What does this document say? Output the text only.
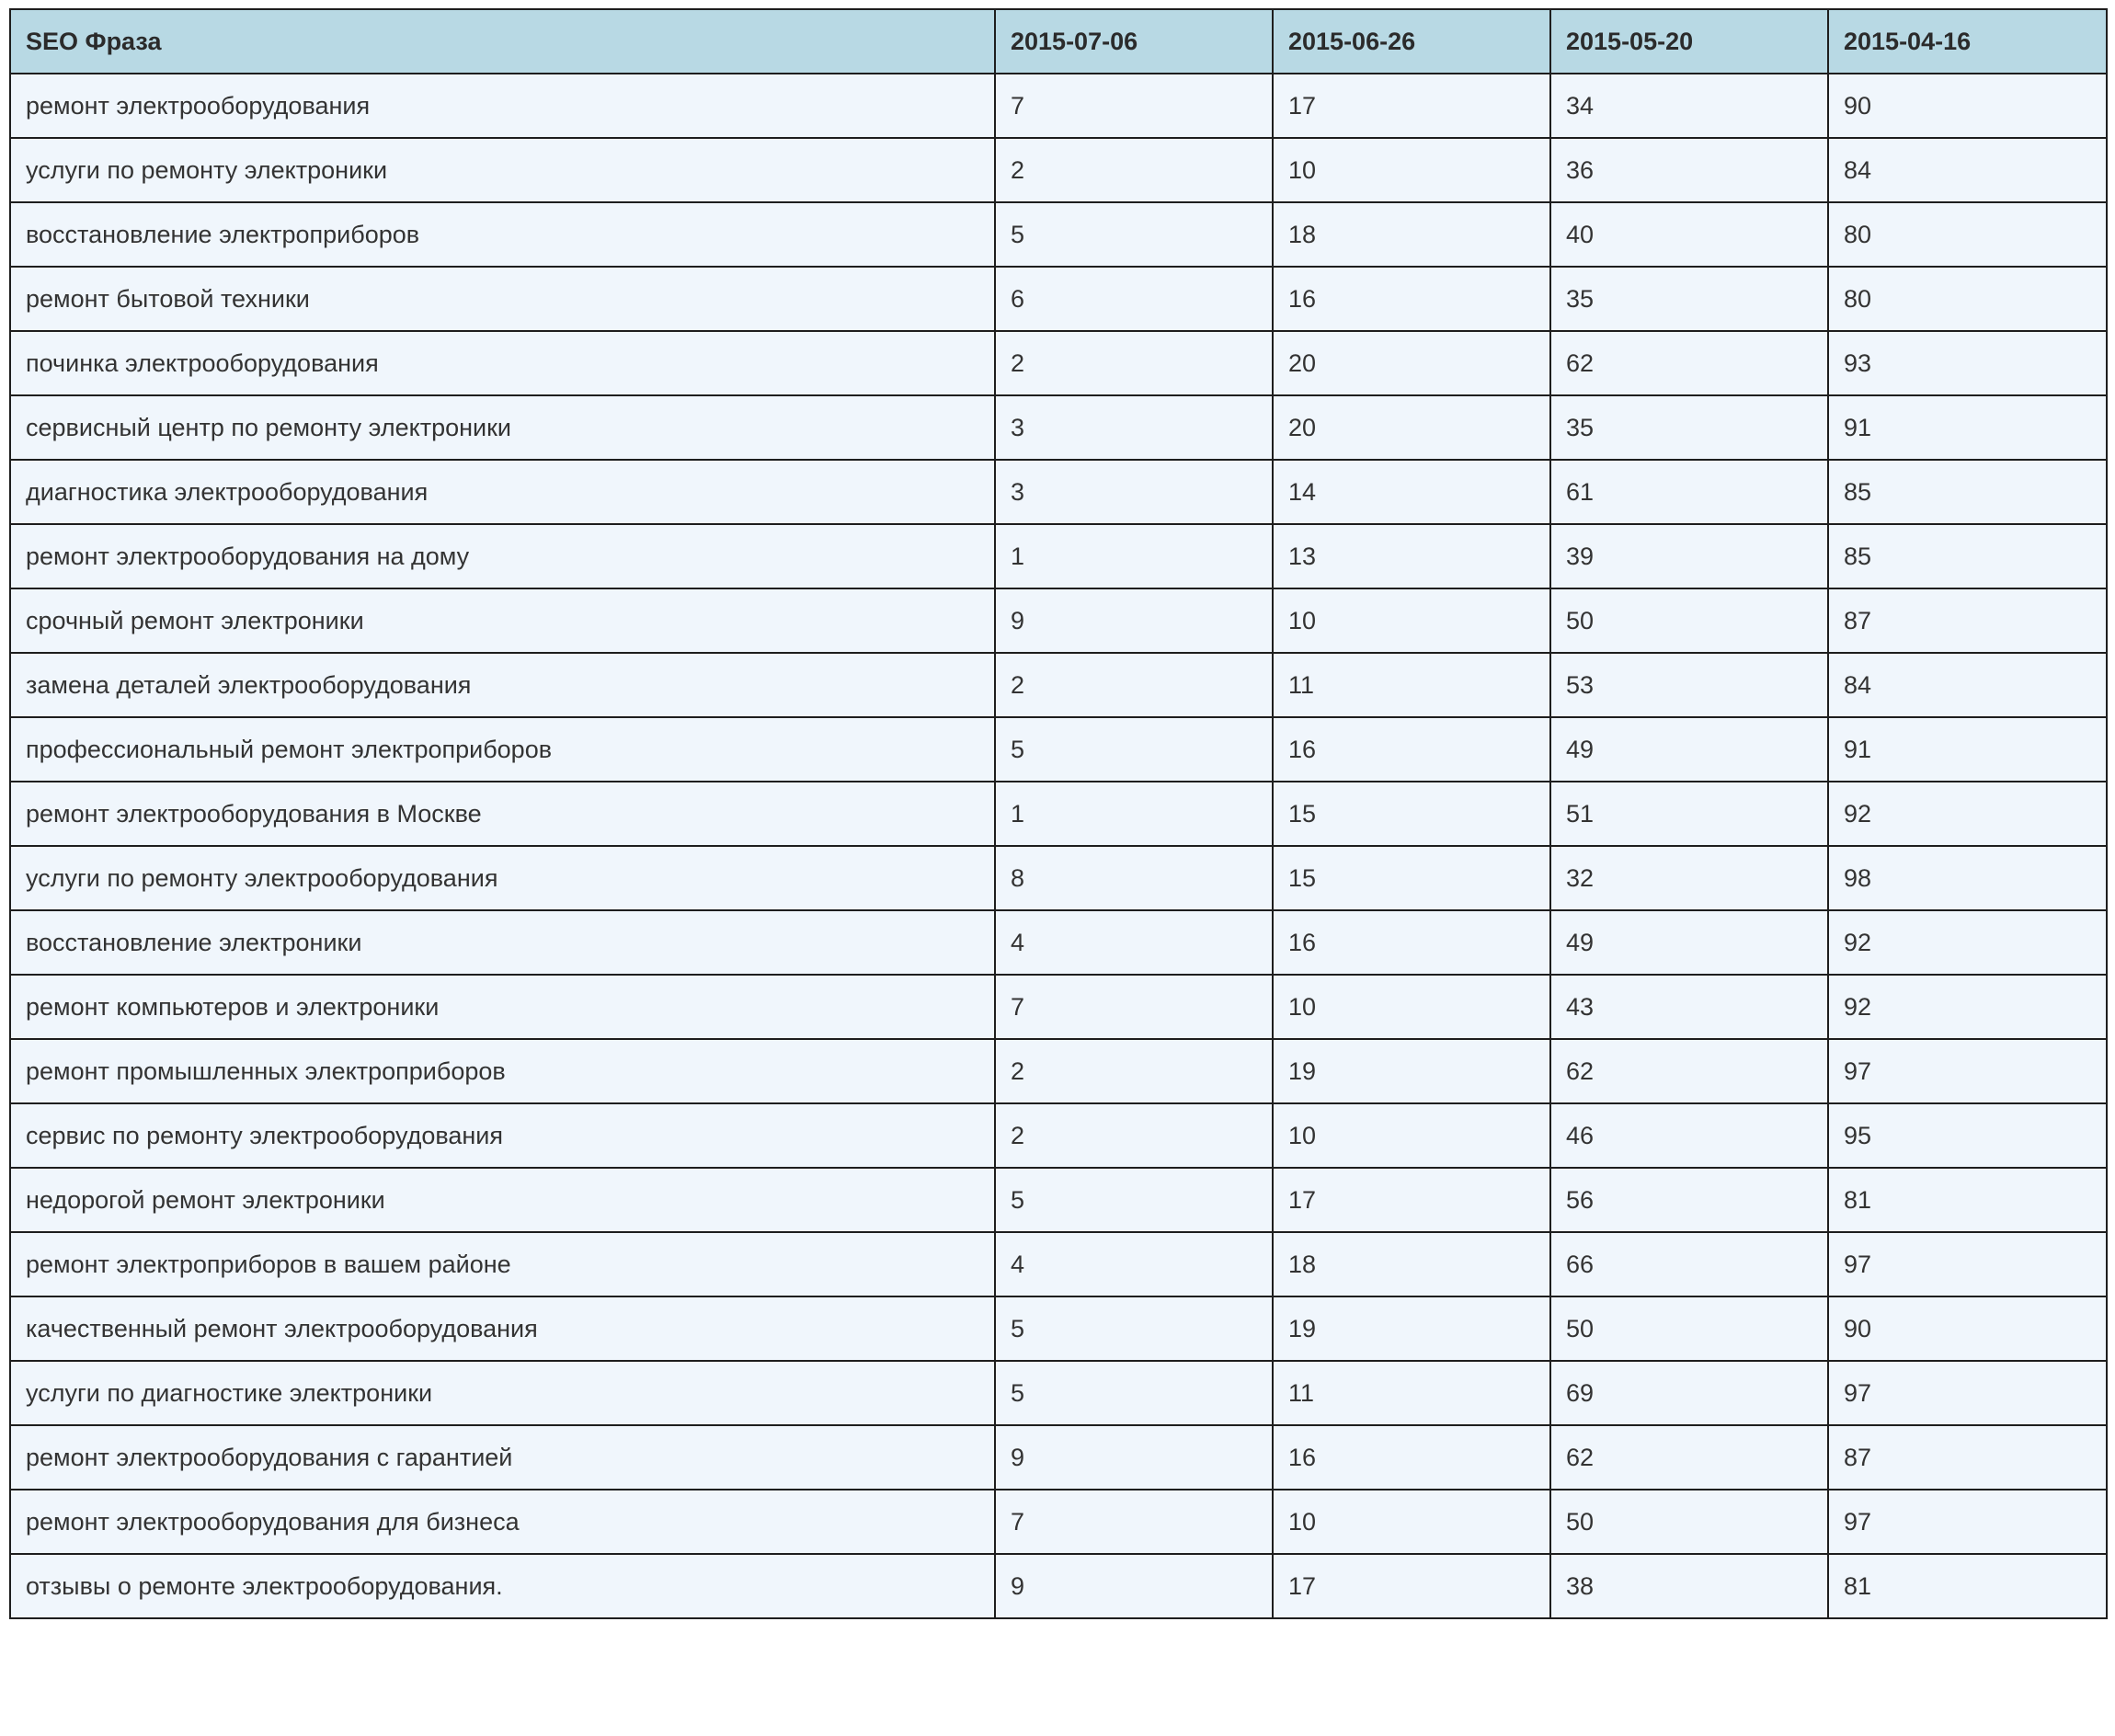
SEO Фраза	2015-07-06	2015-06-26	2015-05-20	2015-04-16
ремонт электрооборудования	7	17	34	90
услуги по ремонту электроники	2	10	36	84
восстановление электроприборов	5	18	40	80
ремонт бытовой техники	6	16	35	80
починка электрооборудования	2	20	62	93
сервисный центр по ремонту электроники	3	20	35	91
диагностика электрооборудования	3	14	61	85
ремонт электрооборудования на дому	1	13	39	85
срочный ремонт электроники	9	10	50	87
замена деталей электрооборудования	2	11	53	84
профессиональный ремонт электроприборов	5	16	49	91
ремонт электрооборудования в Москве	1	15	51	92
услуги по ремонту электрооборудования	8	15	32	98
восстановление электроники	4	16	49	92
ремонт компьютеров и электроники	7	10	43	92
ремонт промышленных электроприборов	2	19	62	97
сервис по ремонту электрооборудования	2	10	46	95
недорогой ремонт электроники	5	17	56	81
ремонт электроприборов в вашем районе	4	18	66	97
качественный ремонт электрооборудования	5	19	50	90
услуги по диагностике электроники	5	11	69	97
ремонт электрооборудования с гарантией	9	16	62	87
ремонт электрооборудования для бизнеса	7	10	50	97
отзывы о ремонте электрооборудования.	9	17	38	81
